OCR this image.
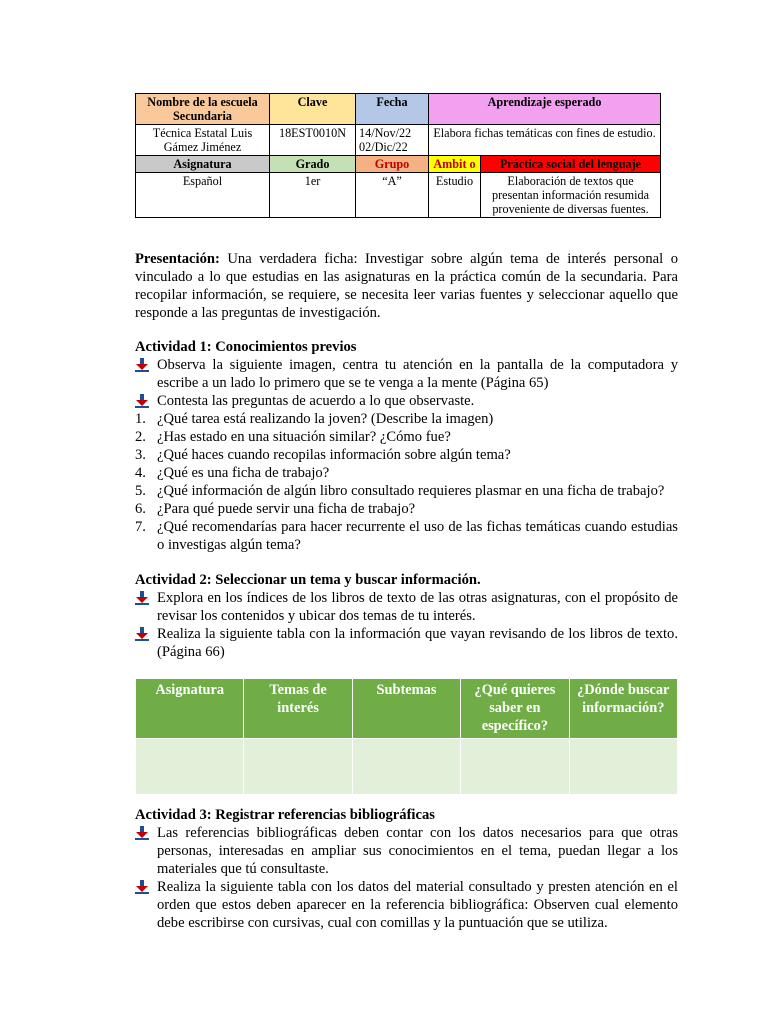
Nombre de la escuela Secundaria	Clave	Fecha	Aprendizaje esperado	
Técnica Estatal Luis Gámez Jiménez	18EST0010N	14/Nov/22 02/Dic/22	Elabora fichas temáticas con fines de estudio.	
Asignatura	Grado	Grupo	Ambit o	Práctica social del lenguaje
Español	1er	“A”	Estudio	Elaboración de textos que presentan información resumida proveniente de diversas fuentes.
Presentación: Una verdadera ficha: Investigar sobre algún tema de interés personal o vinculado a lo que estudias en las asignaturas en la práctica común de la secundaria. Para recopilar información, se requiere, se necesita leer varias fuentes y seleccionar aquello que responde a las preguntas de investigación.
Actividad 1: Conocimientos previos
Observa la siguiente imagen, centra tu atención en la pantalla de la computadora y escribe a un lado lo primero que se te venga a la mente (Página 65)
Contesta las preguntas de acuerdo a lo que observaste.
1. ¿Qué tarea está realizando la joven? (Describe la imagen)
2. ¿Has estado en una situación similar? ¿Cómo fue?
3. ¿Qué haces cuando recopilas información sobre algún tema?
4. ¿Qué es una ficha de trabajo?
5. ¿Qué información de algún libro consultado requieres plasmar en una ficha de trabajo?
6. ¿Para qué puede servir una ficha de trabajo?
7. ¿Qué recomendarías para hacer recurrente el uso de las fichas temáticas cuando estudias o investigas algún tema?
Actividad 2: Seleccionar un tema y buscar información.
Explora en los índices de los libros de texto de las otras asignaturas, con el propósito de revisar los contenidos y ubicar dos temas de tu interés.
Realiza la siguiente tabla con la información que vayan revisando de los libros de texto. (Página 66)
Asignatura	Temas de interés	Subtemas	¿Qué quieres saber en específico?	¿Dónde buscar información?

Actividad 3: Registrar referencias bibliográficas
Las referencias bibliográficas deben contar con los datos necesarios para que otras personas, interesadas en ampliar sus conocimientos en el tema, puedan llegar a los materiales que tú consultaste.
Realiza la siguiente tabla con los datos del material consultado y presten atención en el orden que estos deben aparecer en la referencia bibliográfica: Observen cual elemento debe escribirse con cursivas, cual con comillas y la puntuación que se utiliza.
